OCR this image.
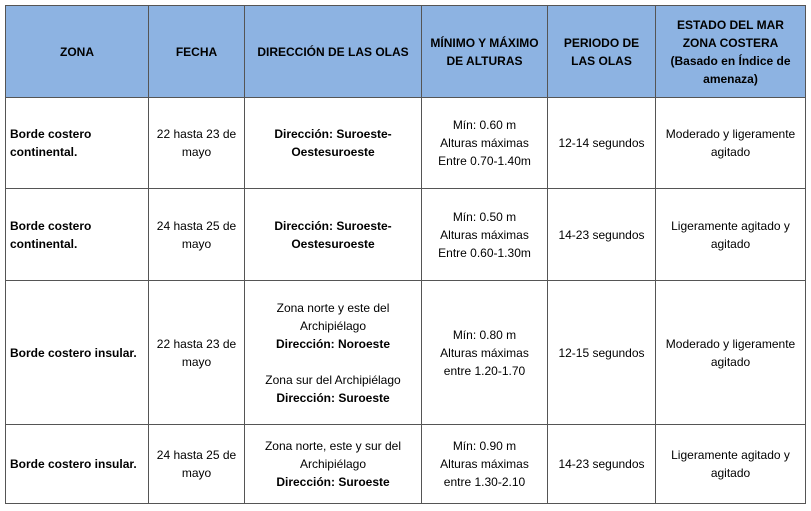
ZONA	FECHA	DIRECCIÓN DE LAS OLAS	MÍNIMO Y MÁXIMO DE ALTURAS	PERIODO DE LAS OLAS	ESTADO DEL MAR ZONA COSTERA
(Basado en Índice de amenaza)

Borde costero continental.	22 hasta 23 de mayo	Dirección: Suroeste-Oestesuroeste	Mín: 0.60 m
Alturas máximas
Entre 0.70-1.40m	12-14 segundos	Moderado y ligeramente agitado
Borde costero continental.	24 hasta 25 de mayo	Dirección: Suroeste-Oestesuroeste	Mín: 0.50 m
Alturas máximas
Entre 0.60-1.30m	14-23 segundos	Ligeramente agitado y agitado
Borde costero insular.	22 hasta 23 de mayo	Zona norte y este del Archipiélago
Dirección: Noroeste
Zona sur del Archipiélago
Dirección: Suroeste	Mín: 0.80 m
Alturas máximas
entre 1.20-1.70	12-15 segundos	Moderado y ligeramente agitado
Borde costero insular.	24 hasta 25 de mayo	Zona norte, este y sur del Archipiélago
Dirección: Suroeste	Mín: 0.90 m
Alturas máximas
entre 1.30-2.10	14-23 segundos	Ligeramente agitado y agitado
